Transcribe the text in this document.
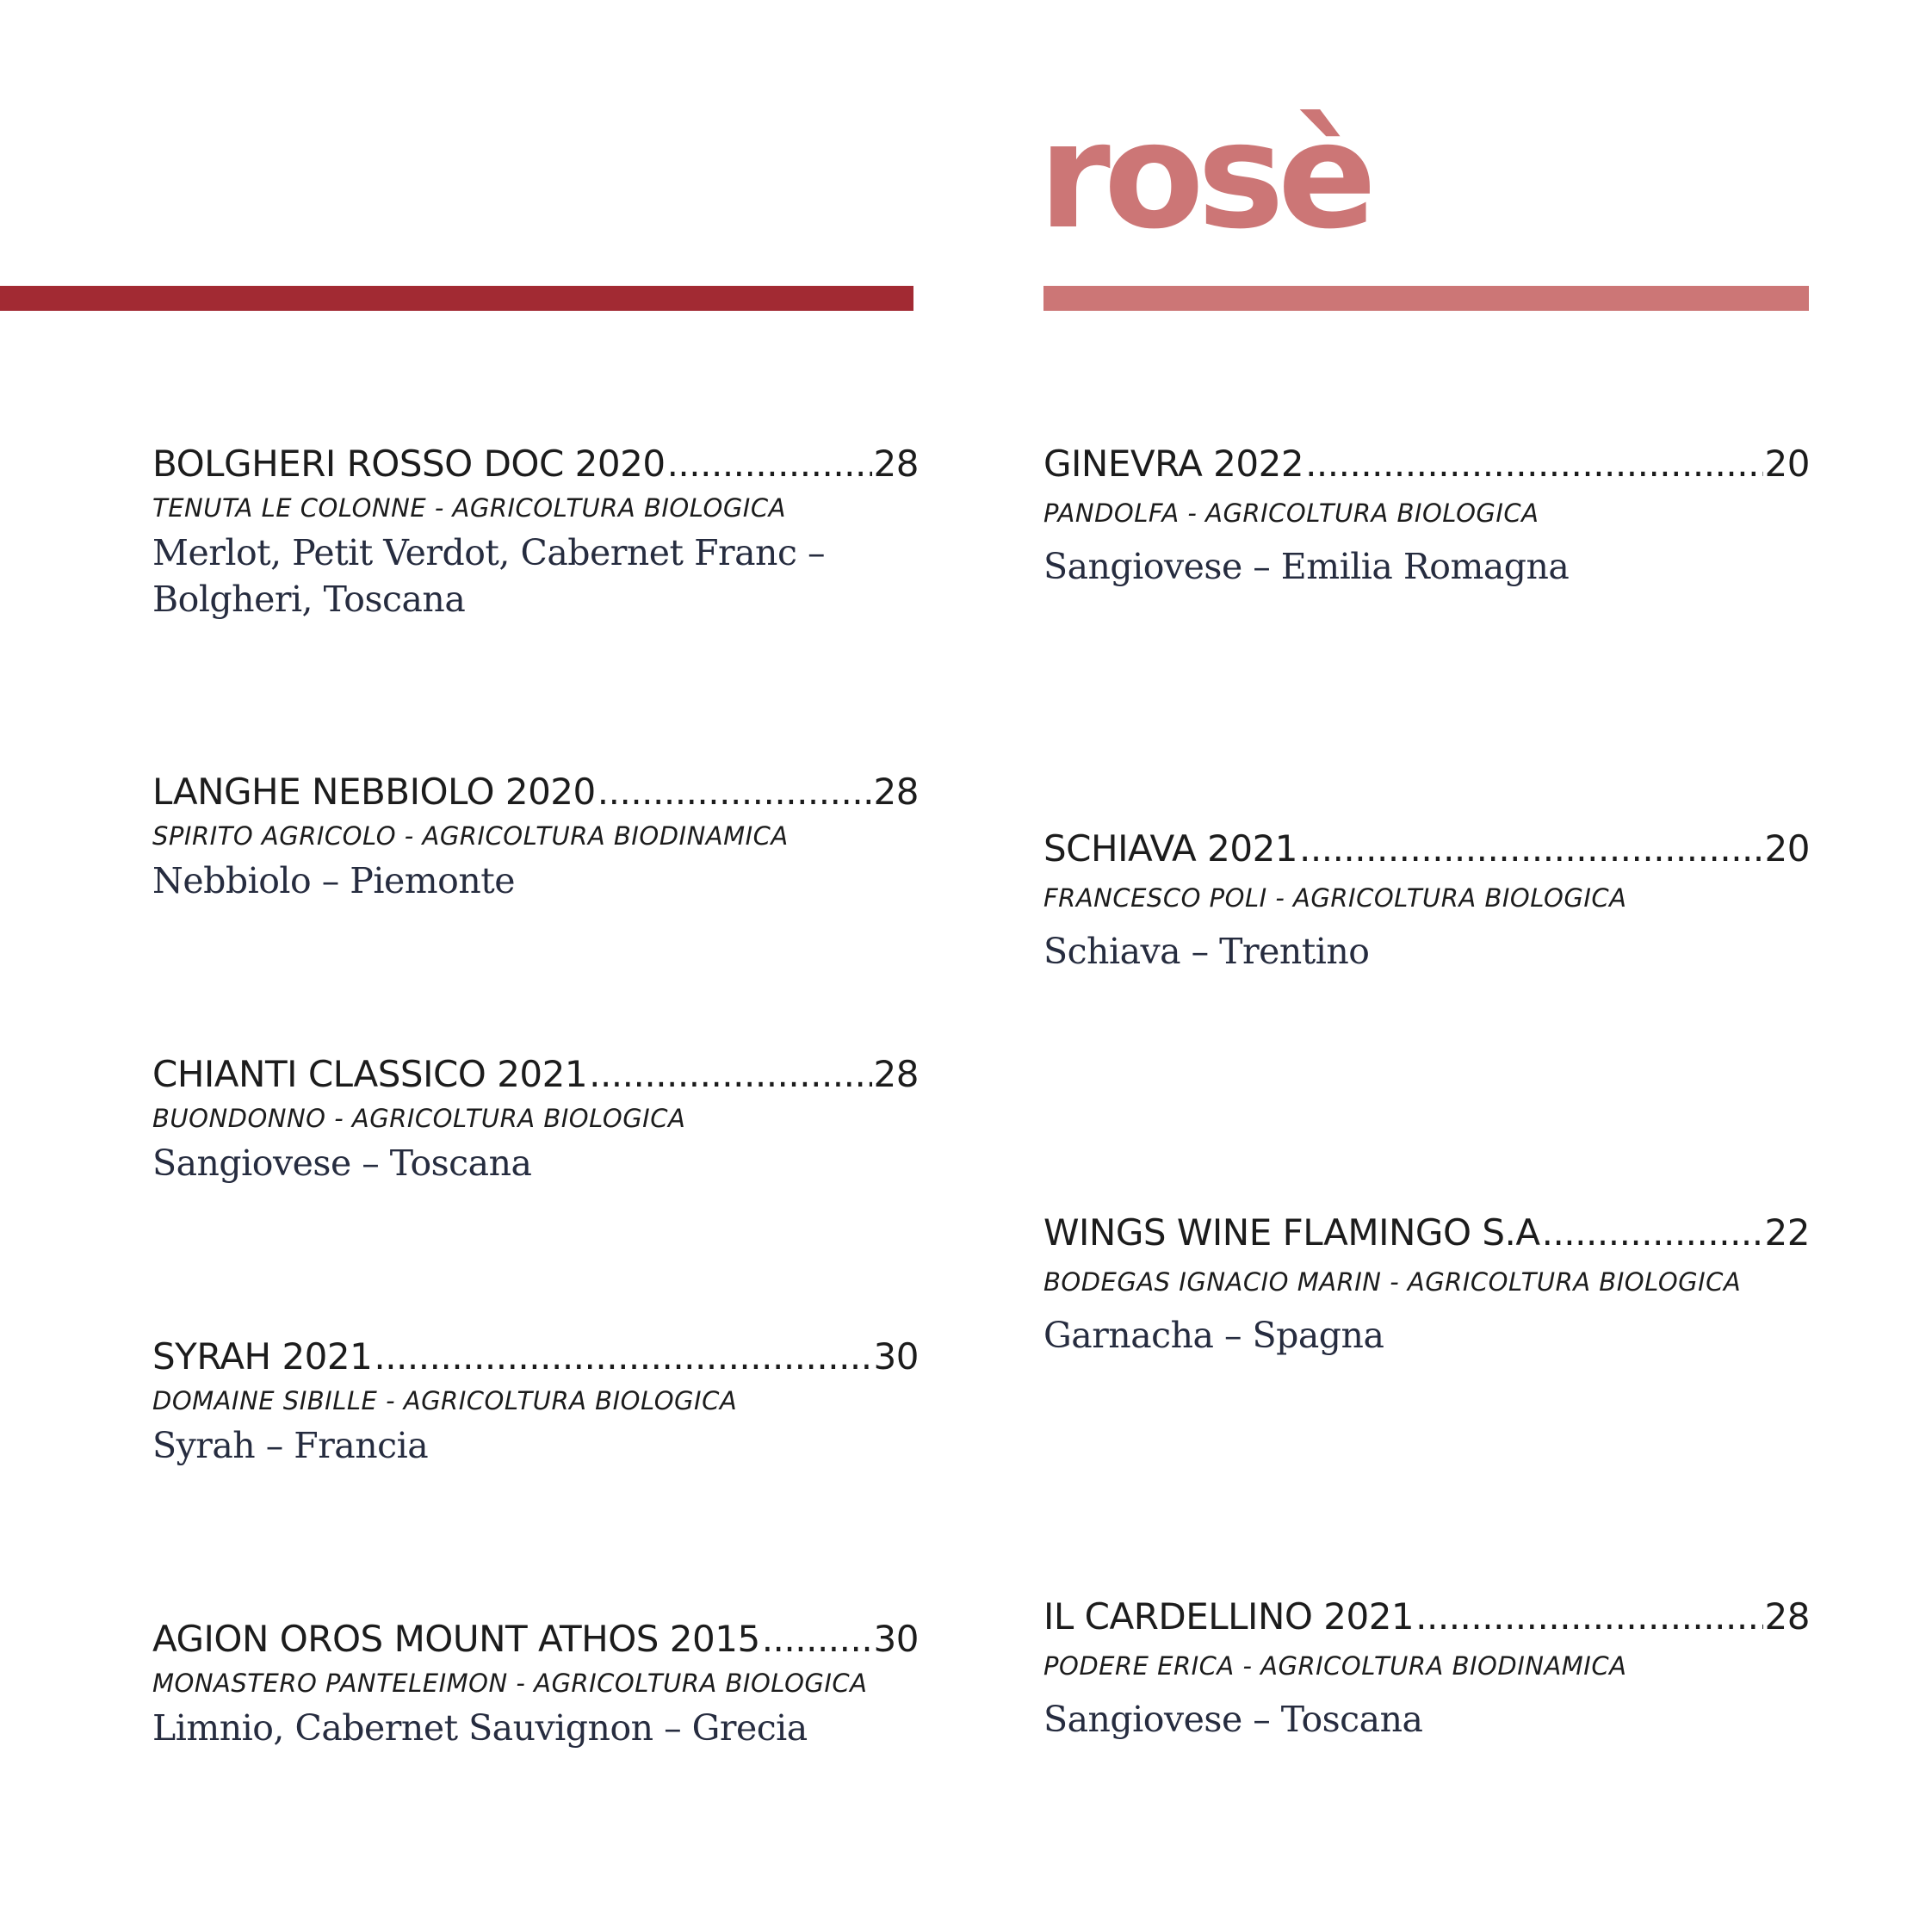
rosè
BOLGHERI ROSSO DOC 2020 .....	28
TENUTA LE COLONNE - AGRICOLTURA BIOLOGICA
Merlot, Petit Verdot, Cabernet Franc – Bolgheri, Toscana
LANGHE NEBBIOLO 2020 .....	28
SPIRITO AGRICOLO - AGRICOLTURA BIODINAMICA
Nebbiolo – Piemonte
CHIANTI CLASSICO 2021 .....	28
BUONDONNO - AGRICOLTURA BIOLOGICA
Sangiovese – Toscana
SYRAH 2021 .....	30
DOMAINE SIBILLE - AGRICOLTURA BIOLOGICA
Syrah – Francia
AGION OROS MOUNT ATHOS 2015 .....	30
MONASTERO PANTELEIMON - AGRICOLTURA BIOLOGICA
Limnio, Cabernet Sauvignon – Grecia
GINEVRA 2022 .....	20
PANDOLFA - AGRICOLTURA BIOLOGICA
Sangiovese – Emilia Romagna
SCHIAVA 2021 .....	20
FRANCESCO POLI - AGRICOLTURA BIOLOGICA
Schiava – Trentino
WINGS WINE FLAMINGO S.A .....	22
BODEGAS IGNACIO MARIN - AGRICOLTURA BIOLOGICA
Garnacha – Spagna
IL CARDELLINO 2021 .....	28
PODERE ERICA - AGRICOLTURA BIODINAMICA
Sangiovese – Toscana
